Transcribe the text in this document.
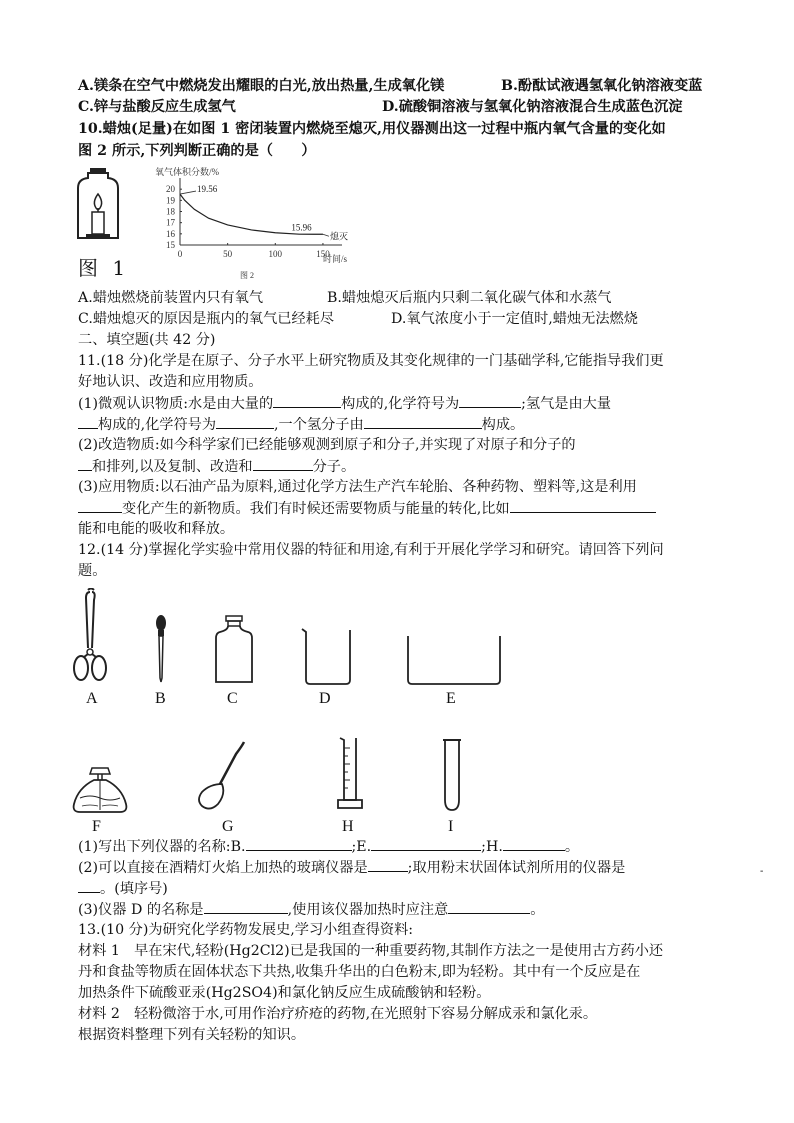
A.镁条在空气中燃烧发出耀眼的白光,放出热量,生成氧化镁	B.酚酞试液遇氢氧化钠溶液变蓝
C.锌与盐酸反应生成氢气	D.硫酸铜溶液与氢氧化钠溶液混合生成蓝色沉淀
10.蜡烛(足量)在如图 1 密闭装置内燃烧至熄灭,用仪器测出这一过程中瓶内氧气含量的变化如
图 2 所示,下列判断正确的是（　　）
图 1
氧气体积分数/%
时间/s
图 2
0	50	100	150
15
16
17
18
19
20 19.56
15.96
熄灭
A.蜡烛燃烧前装置内只有氧气	B.蜡烛熄灭后瓶内只剩二氧化碳气体和水蒸气
C.蜡烛熄灭的原因是瓶内的氧气已经耗尽	D.氧气浓度小于一定值时,蜡烛无法燃烧
二、填空题(共 42 分)
11.(18 分)化学是在原子、分子水平上研究物质及其变化规律的一门基础学科,它能指导我们更
好地认识、改造和应用物质。
(1)微观认识物质:水是由大量的	构成的,化学符号为	;氢气是由大量
构成的,化学符号为	,一个氢分子由	构成。
(2)改造物质:如今科学家们已经能够观测到原子和分子,并实现了对原子和分子的
和排列,以及复制、改造和	分子。
(3)应用物质:以石油产品为原料,通过化学方法生产汽车轮胎、各种药物、塑料等,这是利用
变化产生的新物质。我们有时候还需要物质与能量的转化,比如
能和电能的吸收和释放。
12.(14 分)掌握化学实验中常用仪器的特征和用途,有利于开展化学学习和研究。请回答下列问
题。
A	B	C	D	E
F	G	H	I
(1)写出下列仪器的名称:B.	;E.	;H.	。
(2)可以直接在酒精灯火焰上加热的玻璃仪器是	;取用粉末状固体试剂所用的仪器是
。(填序号)
-
(3)仪器 D 的名称是	,使用该仪器加热时应注意	。
13.(10 分)为研究化学药物发展史,学习小组查得资料:
材料 1　早在宋代,轻粉(Hg2Cl2)已是我国的一种重要药物,其制作方法之一是使用古方药小还
丹和食盐等物质在固体状态下共热,收集升华出的白色粉末,即为轻粉。其中有一个反应是在
加热条件下硫酸亚汞(Hg2SO4)和氯化钠反应生成硫酸钠和轻粉。
材料 2　轻粉微溶于水,可用作治疗疥疮的药物,在光照射下容易分解成汞和氯化汞。
根据资料整理下列有关轻粉的知识。
